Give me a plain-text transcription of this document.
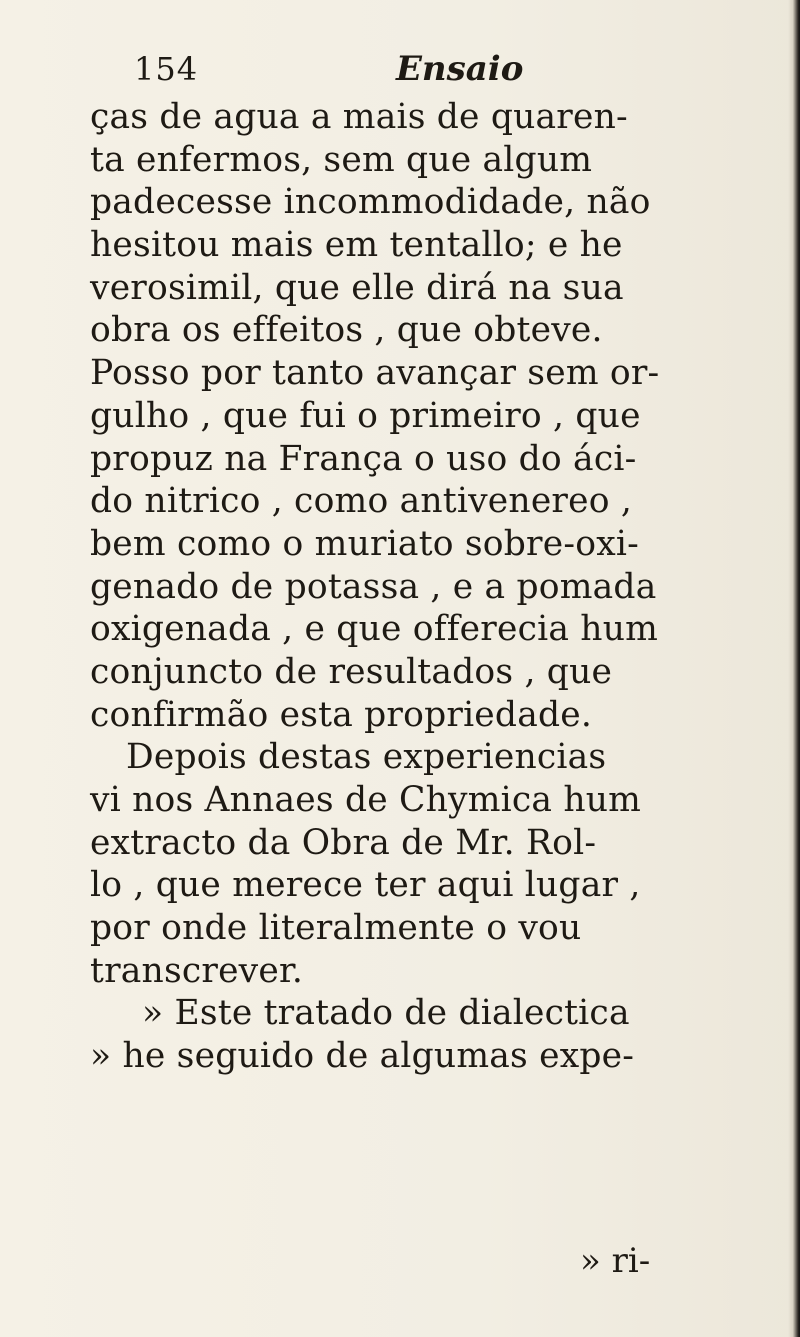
154	Ensaio
ças de agua a mais de quaren-
ta enfermos, sem que algum
padecesse incommodidade, não
hesitou mais em tentallo; e he
verosimil, que elle dirá na sua
obra os effeitos , que obteve.
Posso por tanto avançar sem or-
gulho , que fui o primeiro , que
propuz na França o uso do áci-
do nitrico , como antivenereo ,
bem como o muriato sobre-oxi-
genado de potassa , e a pomada
oxigenada , e que offerecia hum
conjuncto de resultados , que
confirmão esta propriedade.
Depois destas experiencias
vi nos Annaes de Chymica hum
extracto da Obra de Mr. Rol-
lo , que merece ter aqui lugar ,
por onde literalmente o vou
transcrever.
» Este tratado de dialectica
» he seguido de algumas expe-
» ri-
